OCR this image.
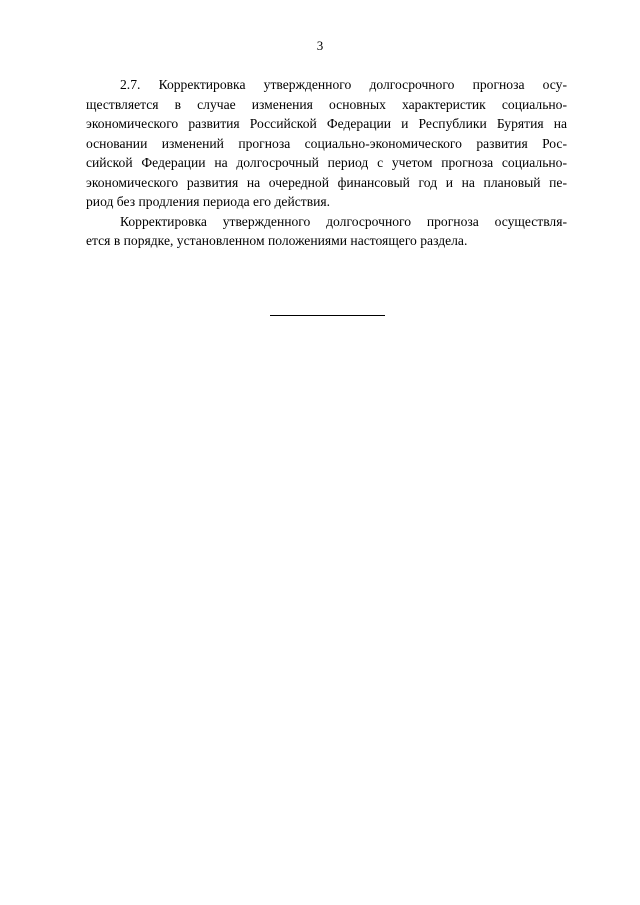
3

2.7. Корректировка утвержденного долгосрочного прогноза осу-
ществляется в случае изменения основных характеристик социально-
экономического развития Российской Федерации и Республики Бурятия на
основании изменений прогноза социально-экономического развития Рос-
сийской Федерации на долгосрочный период с учетом прогноза социально-
экономического развития на очередной финансовый год и на плановый пе-
риод без продления периода его действия.

Корректировка утвержденного долгосрочного прогноза осуществля-
ется в порядке, установленном положениями настоящего раздела.
